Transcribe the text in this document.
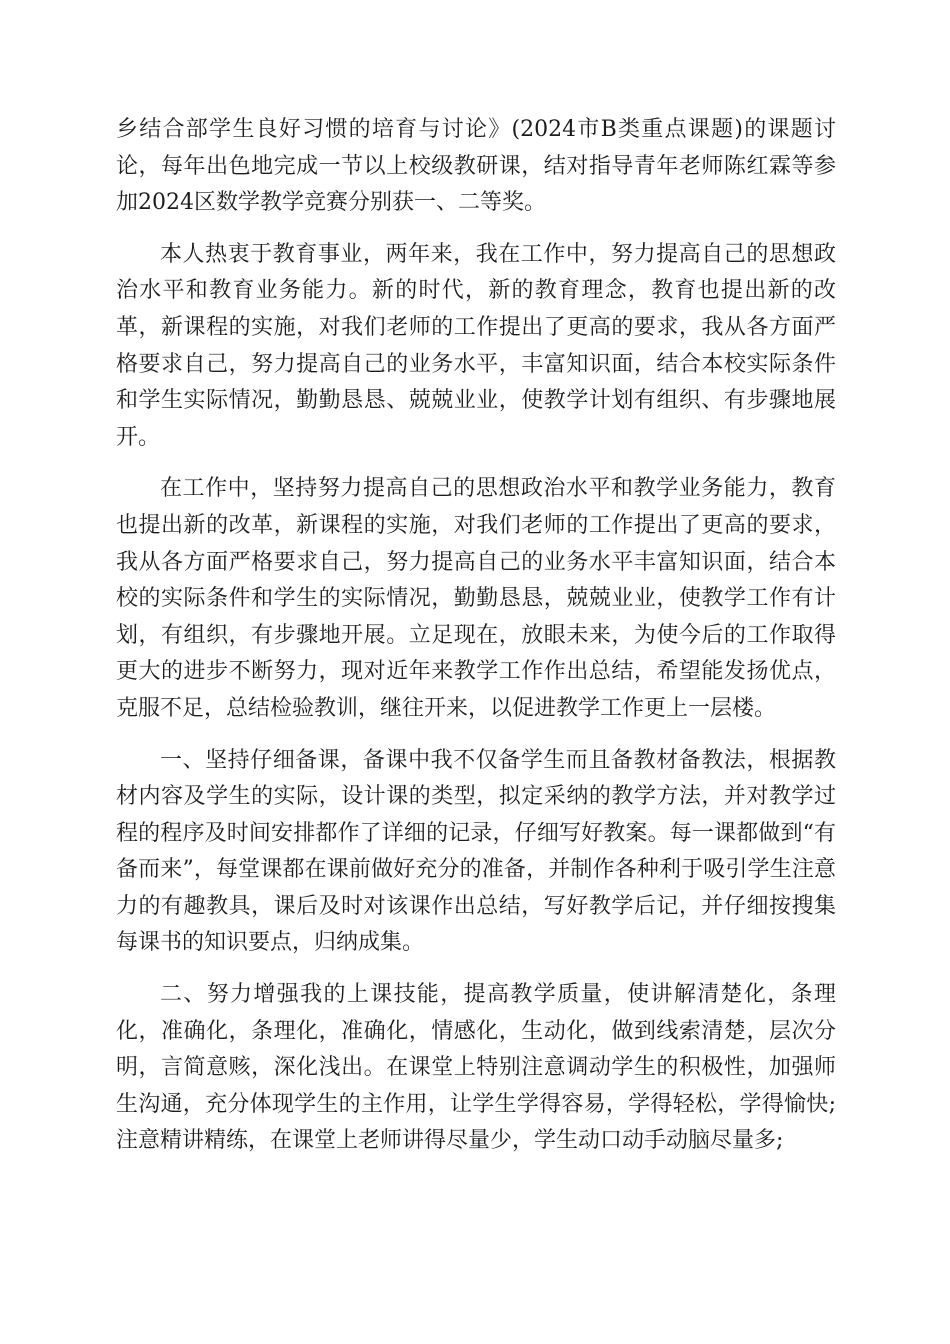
乡结合部学生良好习惯的培育与讨论》(2024市B类重点课题)的课题讨论，每年出色地完成一节以上校级教研课，结对指导青年老师陈红霖等参加2024区数学教学竞赛分别获一、二等奖。

本人热衷于教育事业，两年来，我在工作中，努力提高自己的思想政治水平和教育业务能力。新的时代，新的教育理念，教育也提出新的改革，新课程的实施，对我们老师的工作提出了更高的要求，我从各方面严格要求自己，努力提高自己的业务水平，丰富知识面，结合本校实际条件和学生实际情况，勤勤恳恳、兢兢业业，使教学计划有组织、有步骤地展开。

在工作中，坚持努力提高自己的思想政治水平和教学业务能力，教育也提出新的改革，新课程的实施，对我们老师的工作提出了更高的要求，我从各方面严格要求自己，努力提高自己的业务水平丰富知识面，结合本校的实际条件和学生的实际情况，勤勤恳恳，兢兢业业，使教学工作有计划，有组织，有步骤地开展。立足现在，放眼未来，为使今后的工作取得更大的进步不断努力，现对近年来教学工作作出总结，希望能发扬优点，克服不足，总结检验教训，继往开来，以促进教学工作更上一层楼。

一、坚持仔细备课，备课中我不仅备学生而且备教材备教法，根据教材内容及学生的实际，设计课的类型，拟定采纳的教学方法，并对教学过程的程序及时间安排都作了详细的记录，仔细写好教案。每一课都做到“有备而来”，每堂课都在课前做好充分的准备，并制作各种利于吸引学生注意力的有趣教具，课后及时对该课作出总结，写好教学后记，并仔细按搜集每课书的知识要点，归纳成集。

二、努力增强我的上课技能，提高教学质量，使讲解清楚化，条理化，准确化，条理化，准确化，情感化，生动化，做到线索清楚，层次分明，言简意赅，深化浅出。在课堂上特别注意调动学生的积极性，加强师生沟通，充分体现学生的主作用，让学生学得容易，学得轻松，学得愉快;注意精讲精练，在课堂上老师讲得尽量少，学生动口动手动脑尽量多;
